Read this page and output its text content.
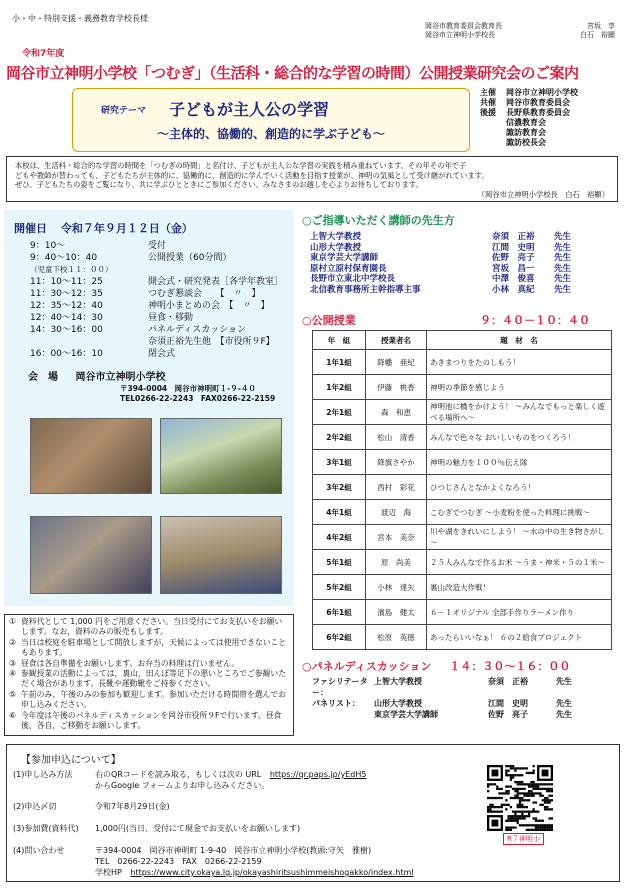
小・中・特別支援・義務教育学校長様
岡谷市教育委員会教育長	宮坂　享
岡谷市立神明小学校長	白石　裕顯
令和7年度
岡谷市立神明小学校「つむぎ」（生活科・総合的な学習の時間）公開授業研究会のご案内
研究テーマ 子どもが主人公の学習
～主体的、協働的、創造的に学ぶ子ども～
主催	岡谷市立神明小学校
共催	岡谷市教育委員会
後援	長野県教育委員会
信濃教育会
諏訪教育会
諏訪校長会
本校は、生活科・総合的な学習の時間を「つむぎの時間」と名付け、子どもが主人公な学習の実践を積み重ねています。その年その年で子
どもや教師が替わっても、子どもたちが主体的に、協働的に、創造的に学んでいく活動を目指す授業が、神明の気風として受け継がれています。
ぜひ、子どもたちの姿をご覧になり、共に学ぶひとときにご参加ください。みなさまのお越しを心よりお待ちしております。
（岡谷市立神明小学校長　白石　裕顯）
開催日 令和７年９月１２日（金）
9：10～	受付
9：40～10：40	公開授業（60分間）
（児童下校１１：００）
11：10～11：25	開会式・研究発表［各学年教室］
11：30～12：35	つむぎ懇談会　　【　〃　】
12：35～12：40	神明小まとめの会　【　〃　】
12：40～14：30	昼食・移動
14：30～16：00	パネルディスカッション
奈須正裕先生他　【市役所９F】
16：00～16：10	閉会式
会　場 岡谷市立神明小学校
〒394-0004　岡谷市神明町１-９-４０
TEL0266-22-2243　FAX0266-22-2159
○ご指導いただく講師の先生方
上智大学教授	奈須　正裕	先生
山形大学教授	江間　史明	先生
東京学芸大学講師	佐野　亮子	先生
原村立原村保育園長	宮坂　昌一	先生
長野市立東北中学校長	中澤　俊喜	先生
北信教育事務所主幹指導主事	小林　真紀	先生
○公開授業	９：４０－１０：４０
年　組	授業者名	題　材　名
1年1組	降幡　亜紀	あきまつりをたのしもう！
1年2組	伊藤　桃香	神明の季節を感じよう
2年1組	森　和恵	神明池に橋をかけよう！ ～みんなでもっと楽しく遊べる場所へ～
2年2組	松山　清香	みんなで色々な おいしいものをつくろう！
3年1組	降旗さやか	神明の魅力を１００％伝え隊
3年2組	西村　彩花	ひつじさんとなかよくなろう！
4年1組	渡辺　海	こむぎでつむぎ ～小麦粉を使った料理に挑戦～
4年2組	宮本　美奈	川や湖をきれいにしよう！ ～水の中の生き物さがし～
5年1組	原　尚美	２５人みんなで作るお米 ～うま・神米・５の１米～
5年2組	小林　達矢	裏山改造大作戦！
6年1組	濱島　健太	６－１オリジナル 全部手作りラーメン作り
6年2組	松原　英徳	あったらいいなぁ！ ６の２給食プロジェクト
○パネルディスカッション １４：３０～１６：００
ファシリテーター：
上智大学教授	奈須　正裕	先生
パネリスト：	山形大学教授	江間　史明	先生
東京学芸大学講師	佐野　亮子	先生
① 資料代として 1,000 円をご用意ください。当日受付にてお支払いをお願いします。なお，資料のみの販売もします。
② 当日は校庭を駐車場として開放しますが，天候によっては使用できないこともあります。
③ 昼食は各自準備をお願いします。お弁当の料理は行いません。
④ 参観授業の活動によっては，裏山，田んぼ等足下の悪いところでご参観いただく場合があります。長靴や運動靴をご持参ください。
⑤ 午前のみ，午後のみの参加も歓迎します。参加いただける時間帯を選んでお申し込みください。
⑥ 今年度は午後のパネルディスカッションを岡谷市役所９Fで行います。昼食後，各自，ご移動をお願いします。
【参加申込について】
(1)申し込み方法	右のQRコードを読み取る，もしくは次の URL https://qr.paps.jp/yEdH5
からGoogle フォームよりお申し込みください。
(2)申込〆切	令和7年8月29日(金)
(3)参加費(資料代)	1,000円(当日、受付にて現金でお支払いをお願いします)
(4)問い合わせ	〒394-0004　岡谷市神明町 1-9-40　岡谷市立神明小学校(教頭:守矢　雅樹)
TEL　0266-22-2243　FAX　0266-22-2159
学校HP https://www.city.okaya.lg.jp/okayashiritsushimmeishogakko/index.html
R７神明小
